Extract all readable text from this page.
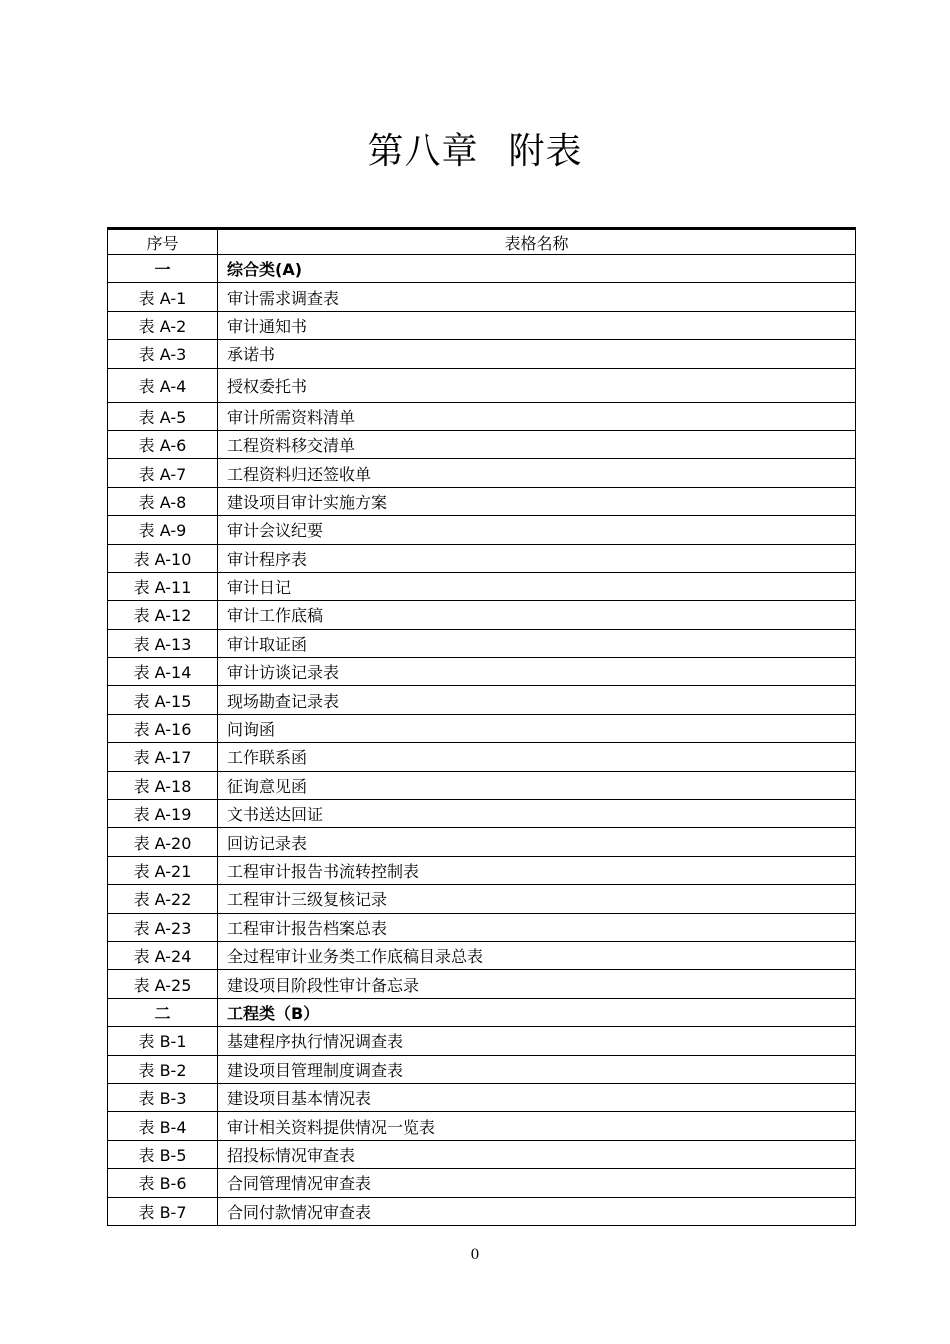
第八章 附表
序号	表格名称
一	综合类(A)
表 A-1	审计需求调查表
表 A-2	审计通知书
表 A-3	承诺书
表 A-4	授权委托书
表 A-5	审计所需资料清单
表 A-6	工程资料移交清单
表 A-7	工程资料归还签收单
表 A-8	建设项目审计实施方案
表 A-9	审计会议纪要
表 A-10	审计程序表
表 A-11	审计日记
表 A-12	审计工作底稿
表 A-13	审计取证函
表 A-14	审计访谈记录表
表 A-15	现场勘查记录表
表 A-16	问询函
表 A-17	工作联系函
表 A-18	征询意见函
表 A-19	文书送达回证
表 A-20	回访记录表
表 A-21	工程审计报告书流转控制表
表 A-22	工程审计三级复核记录
表 A-23	工程审计报告档案总表
表 A-24	全过程审计业务类工作底稿目录总表
表 A-25	建设项目阶段性审计备忘录
二	工程类（B）
表 B-1	基建程序执行情况调查表
表 B-2	建设项目管理制度调查表
表 B-3	建设项目基本情况表
表 B-4	审计相关资料提供情况一览表
表 B-5	招投标情况审查表
表 B-6	合同管理情况审查表
表 B-7	合同付款情况审查表
0
